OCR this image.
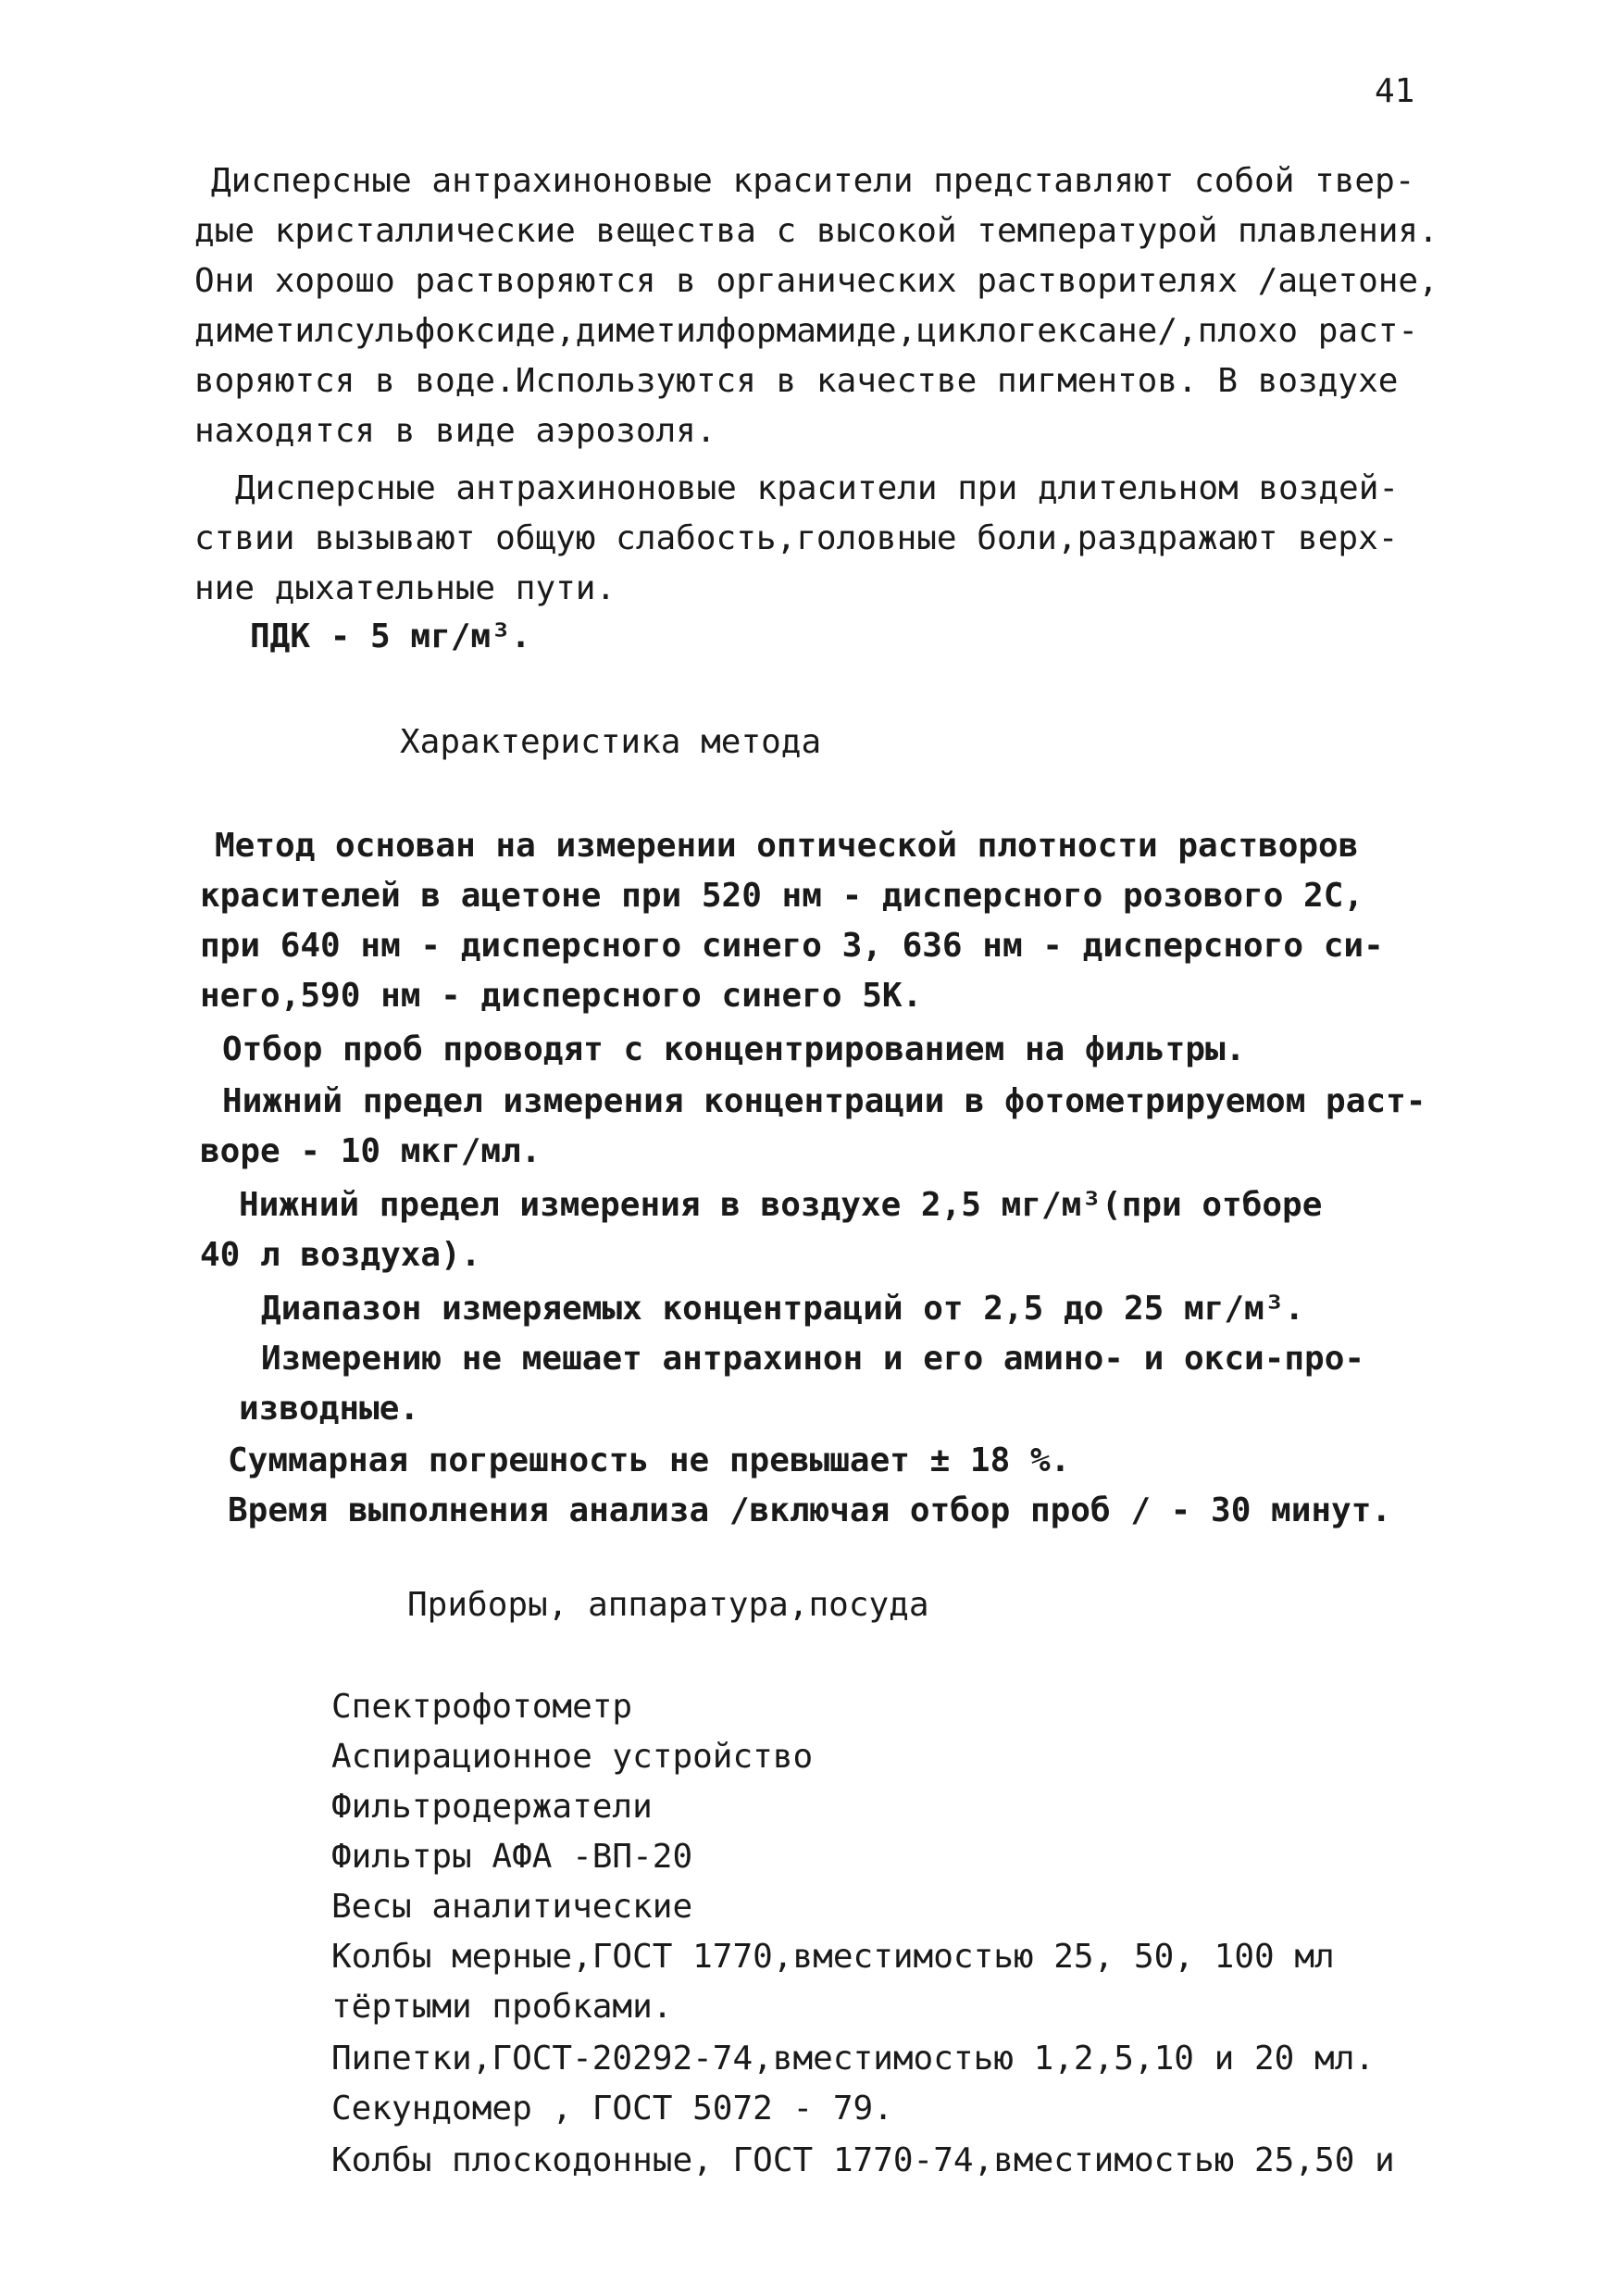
41
Дисперсные антрахиноновые красители представляют собой твер-
дые кристаллические вещества с высокой температурой плавления.
Они хорошо растворяются в органических растворителях /ацетоне,
диметилсульфоксиде,диметилформамиде,циклогексане/,плохо раст-
воряются в воде.Используются в качестве пигментов. В воздухе
находятся в виде аэрозоля.
Дисперсные антрахиноновые красители при длительном воздей-
ствии вызывают общую слабость,головные боли,раздражают верх-
ние дыхательные пути.
ПДК - 5 мг/м³.
Характеристика метода
Метод основан на измерении оптической плотности растворов
красителей в ацетоне при 520 нм - дисперсного розового 2С,
при 640 нм - дисперсного синего 3, 636 нм - дисперсного си-
него,590 нм - дисперсного синего 5К.
Отбор проб проводят с концентрированием на фильтры.
Нижний предел измерения концентрации в фотометрируемом раст-
воре - 10 мкг/мл.
Нижний предел измерения в воздухе 2,5 мг/м³(при отборе
40 л воздуха).
Диапазон измеряемых концентраций от 2,5 до 25 мг/м³.
Измерению не мешает антрахинон и его амино- и окси-про-
изводные.
Суммарная погрешность не превышает ± 18 %.
Время выполнения анализа /включая отбор проб / - 30 минут.
Приборы, аппаратура,посуда
Спектрофотометр
Аспирационное устройство
Фильтродержатели
Фильтры АФА -ВП-20
Весы аналитические
Колбы мерные,ГОСТ 1770,вместимостью 25, 50, 100 мл
тёртыми пробками.
Пипетки,ГОСТ-20292-74,вместимостью 1,2,5,10 и 20 мл.
Секундомер , ГОСТ 5072 - 79.
Колбы плоскодонные, ГОСТ 1770-74,вместимостью 25,50 и
